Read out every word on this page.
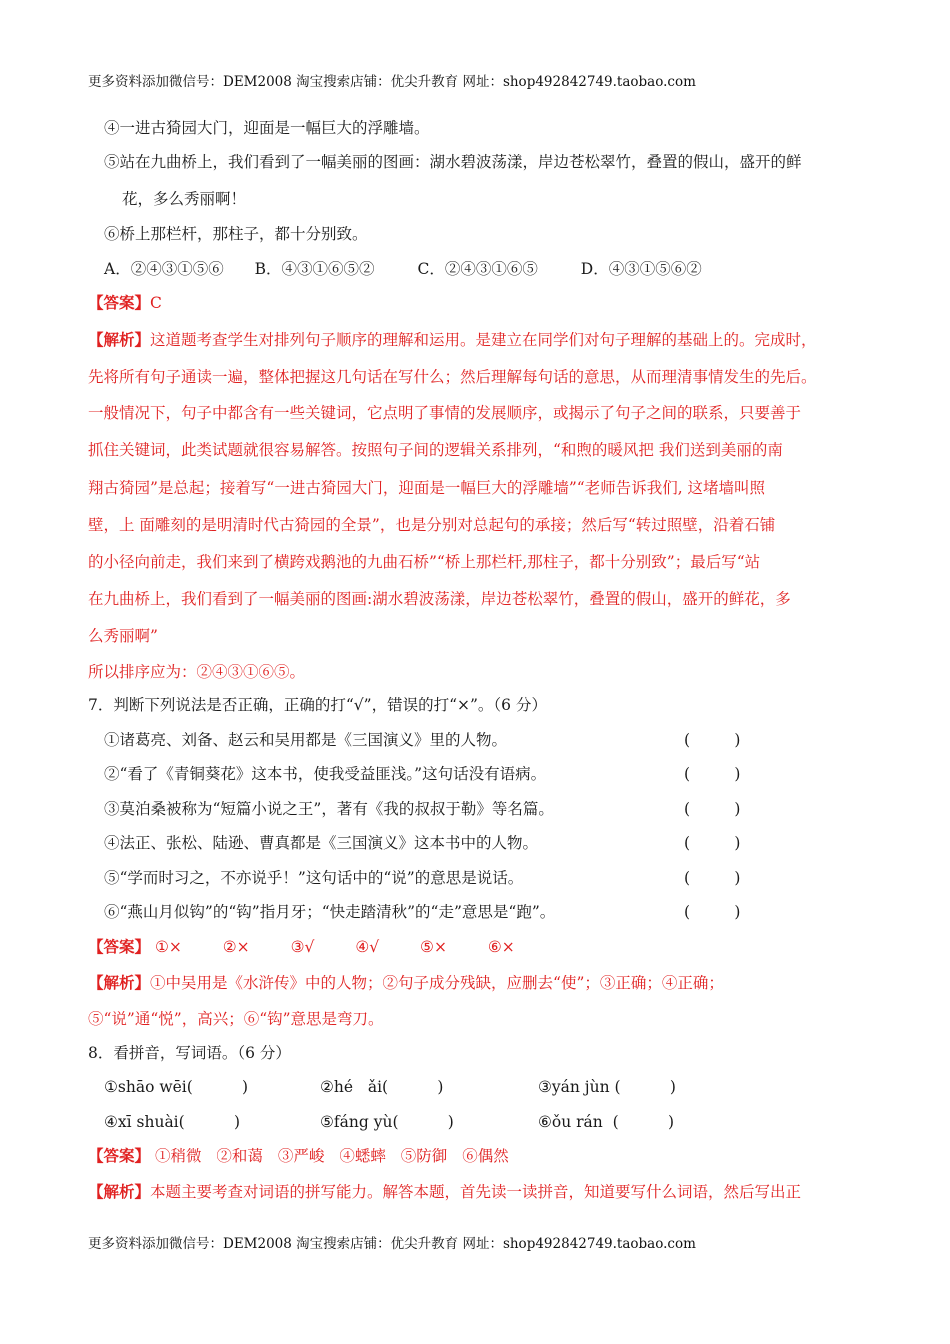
更多资料添加微信号：DEM2008 淘宝搜索店铺：优尖升教育 网址：shop492842749.taobao.com
④一进古猗园大门，迎面是一幅巨大的浮雕墙。
⑤站在九曲桥上，我们看到了一幅美丽的图画：湖水碧波荡漾，岸边苍松翠竹，叠置的假山，盛开的鲜
花，多么秀丽啊！
⑥桥上那栏杆，那柱子，都十分别致。
A．②④③①⑤⑥ B．④③①⑥⑤②	C．②④③①⑥⑤	D．④③①⑤⑥②
【答案】C
【解析】这道题考查学生对排列句子顺序的理解和运用。是建立在同学们对句子理解的基础上的。完成时，
先将所有句子通读一遍，整体把握这几句话在写什么；然后理解每句话的意思，从而理清事情发生的先后。
一般情况下，句子中都含有一些关键词，它点明了事情的发展顺序，或揭示了句子之间的联系，只要善于
抓住关键词，此类试题就很容易解答。按照句子间的逻辑关系排列，“和煦的暖风把 我们送到美丽的南
翔古猗园”是总起；接着写“一进古猗园大门，迎面是一幅巨大的浮雕墙”“老师告诉我们, 这堵墙叫照
壁，上 面雕刻的是明清时代古猗园的全景”，也是分别对总起句的承接；然后写“转过照壁，沿着石铺
的小径向前走，我们来到了横跨戏鹅池的九曲石桥”“桥上那栏杆,那柱子，都十分别致”；最后写“站
在九曲桥上，我们看到了一幅美丽的图画:湖水碧波荡漾，岸边苍松翠竹，叠置的假山，盛开的鲜花，多
么秀丽啊”
所以排序应为：②④③①⑥⑤。
7．判断下列说法是否正确，正确的打“√”，错误的打“×”。（6 分）
①诸葛亮、刘备、赵云和吴用都是《三国演义》里的人物。	(         )
②“看了《青铜葵花》这本书，使我受益匪浅。”这句话没有语病。	(         )
③莫泊桑被称为“短篇小说之王”，著有《我的叔叔于勒》等名篇。	(         )
④法正、张松、陆逊、曹真都是《三国演义》这本书中的人物。	(         )
⑤“学而时习之，不亦说乎！”这句话中的“说”的意思是说话。	(         )
⑥“燕山月似钩”的“钩”指月牙；“快走踏清秋”的“走”意思是“跑”。	(         )
【答案】 ①×	②×	③√	④√	⑤×	⑥×
【解析】①中吴用是《水浒传》中的人物；②句子成分残缺，应删去“使”；③正确；④正确；
⑤“说”通“悦”，高兴；⑥“钩”意思是弯刀。
8．看拼音，写词语。（6 分）
①shāo wēi(          )	②hé   ǎi(          )	③yán jùn (          )
④xī shuài(          )	⑤fáng yù(          )	⑥ǒu rán  (          )
【答案】 ①稍微 ②和蔼 ③严峻 ④蟋蟀 ⑤防御 ⑥偶然
【解析】本题主要考查对词语的拼写能力。解答本题，首先读一读拼音，知道要写什么词语，然后写出正
更多资料添加微信号：DEM2008 淘宝搜索店铺：优尖升教育 网址：shop492842749.taobao.com
